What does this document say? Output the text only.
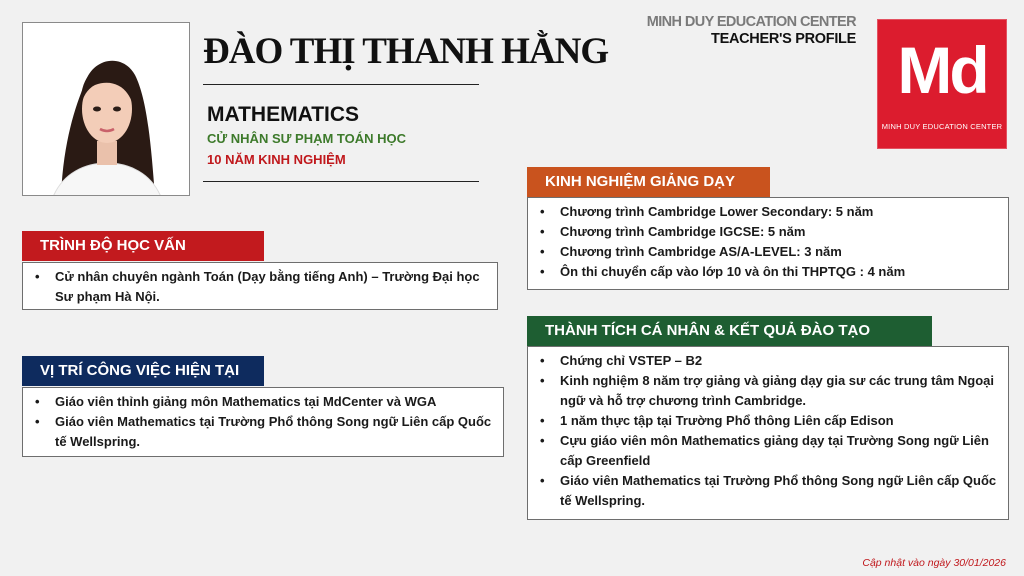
ĐÀO THỊ THANH HẰNG
MATHEMATICS
CỬ NHÂN SƯ PHẠM TOÁN HỌC
10 NĂM KINH NGHIỆM
MINH DUY EDUCATION CENTER
TEACHER'S PROFILE Md
MINH DUY EDUCATION CENTER
TRÌNH ĐỘ HỌC VẤN
• Cử nhân chuyên ngành Toán (Dạy bằng tiếng Anh) – Trường Đại học Sư phạm Hà Nội.
VỊ TRÍ CÔNG VIỆC HIỆN TẠI
• Giáo viên thỉnh giảng môn Mathematics tại MdCenter và WGA
• Giáo viên Mathematics tại Trường Phổ thông Song ngữ Liên cấp Quốc tế Wellspring.
KINH NGHIỆM GIẢNG DẠY
• Chương trình Cambridge Lower Secondary: 5 năm
• Chương trình Cambridge IGCSE: 5 năm
• Chương trình Cambridge AS/A-LEVEL: 3 năm
• Ôn thi chuyển cấp vào lớp 10 và ôn thi THPTQG : 4 năm
THÀNH TÍCH CÁ NHÂN & KẾT QUẢ ĐÀO TẠO
• Chứng chỉ VSTEP – B2
• Kinh nghiệm 8 năm trợ giảng và giảng dạy gia sư các trung tâm Ngoại ngữ và hỗ trợ chương trình Cambridge.
• 1 năm thực tập tại Trường Phổ thông Liên cấp Edison
• Cựu giáo viên môn Mathematics giảng dạy tại Trường Song ngữ Liên cấp Greenfield
• Giáo viên Mathematics tại Trường Phổ thông Song ngữ Liên cấp Quốc tế Wellspring.
Cập nhật vào ngày 30/01/2026
